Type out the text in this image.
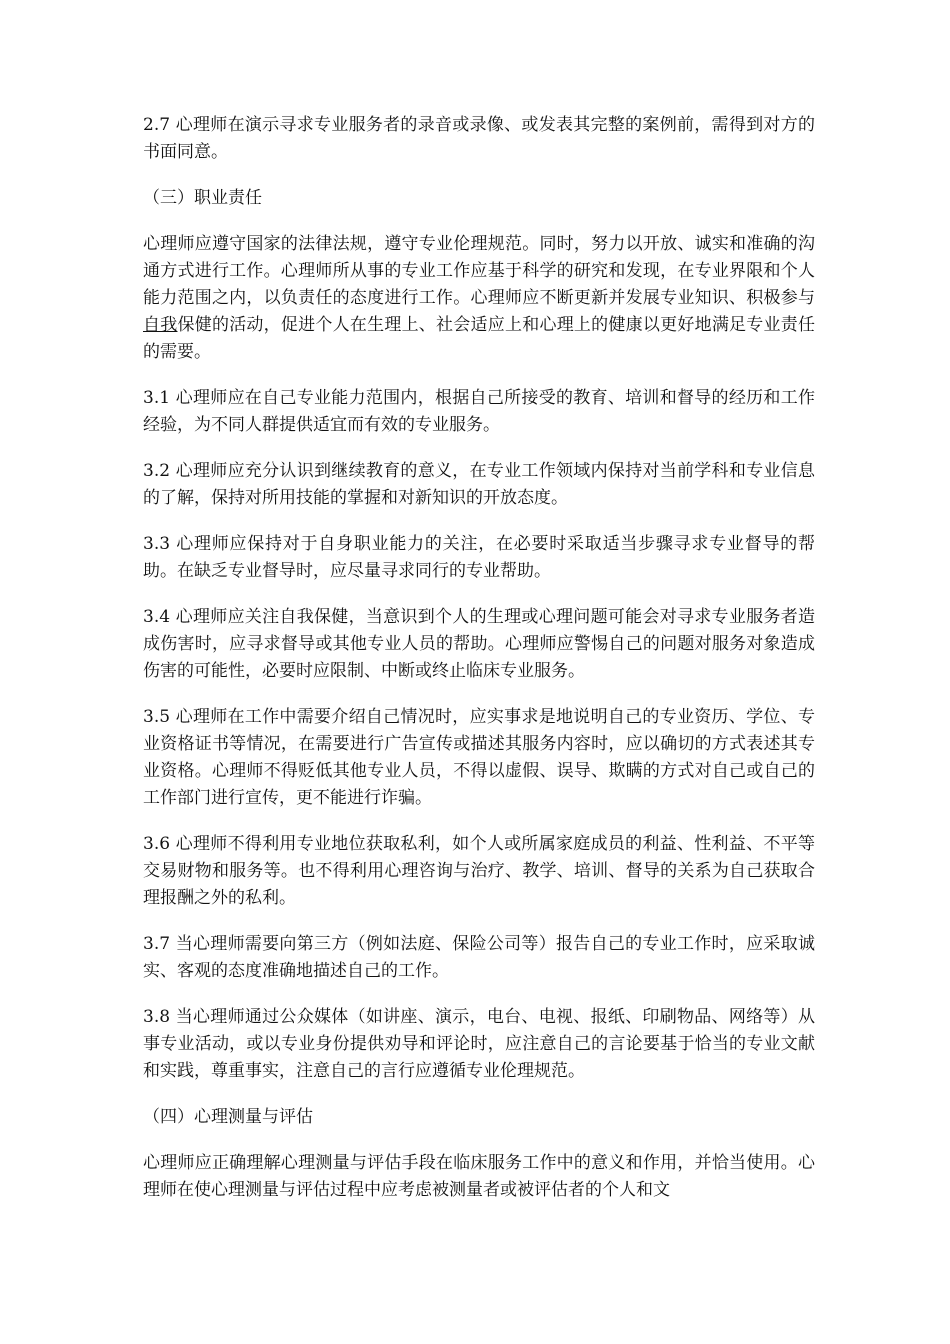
2.7 心理师在演示寻求专业服务者的录音或录像、或发表其完整的案例前，需得到对方的书面同意。

（三）职业责任

心理师应遵守国家的法律法规，遵守专业伦理规范。同时，努力以开放、诚实和准确的沟通方式进行工作。心理师所从事的专业工作应基于科学的研究和发现，在专业界限和个人能力范围之内，以负责任的态度进行工作。心理师应不断更新并发展专业知识、积极参与自我保健的活动，促进个人在生理上、社会适应上和心理上的健康以更好地满足专业责任的需要。

3.1 心理师应在自己专业能力范围内，根据自己所接受的教育、培训和督导的经历和工作经验，为不同人群提供适宜而有效的专业服务。

3.2 心理师应充分认识到继续教育的意义，在专业工作领域内保持对当前学科和专业信息的了解，保持对所用技能的掌握和对新知识的开放态度。

3.3 心理师应保持对于自身职业能力的关注，在必要时采取适当步骤寻求专业督导的帮助。在缺乏专业督导时，应尽量寻求同行的专业帮助。

3.4 心理师应关注自我保健，当意识到个人的生理或心理问题可能会对寻求专业服务者造成伤害时，应寻求督导或其他专业人员的帮助。心理师应警惕自己的问题对服务对象造成伤害的可能性，必要时应限制、中断或终止临床专业服务。

3.5 心理师在工作中需要介绍自己情况时，应实事求是地说明自己的专业资历、学位、专业资格证书等情况，在需要进行广告宣传或描述其服务内容时，应以确切的方式表述其专业资格。心理师不得贬低其他专业人员，不得以虚假、误导、欺瞒的方式对自己或自己的工作部门进行宣传，更不能进行诈骗。

3.6 心理师不得利用专业地位获取私利，如个人或所属家庭成员的利益、性利益、不平等交易财物和服务等。也不得利用心理咨询与治疗、教学、培训、督导的关系为自己获取合理报酬之外的私利。

3.7 当心理师需要向第三方（例如法庭、保险公司等）报告自己的专业工作时，应采取诚实、客观的态度准确地描述自己的工作。

3.8 当心理师通过公众媒体（如讲座、演示，电台、电视、报纸、印刷物品、网络等）从事专业活动，或以专业身份提供劝导和评论时，应注意自己的言论要基于恰当的专业文献和实践，尊重事实，注意自己的言行应遵循专业伦理规范。

（四）心理测量与评估

心理师应正确理解心理测量与评估手段在临床服务工作中的意义和作用，并恰当使用。心理师在使心理测量与评估过程中应考虑被测量者或被评估者的个人和文
